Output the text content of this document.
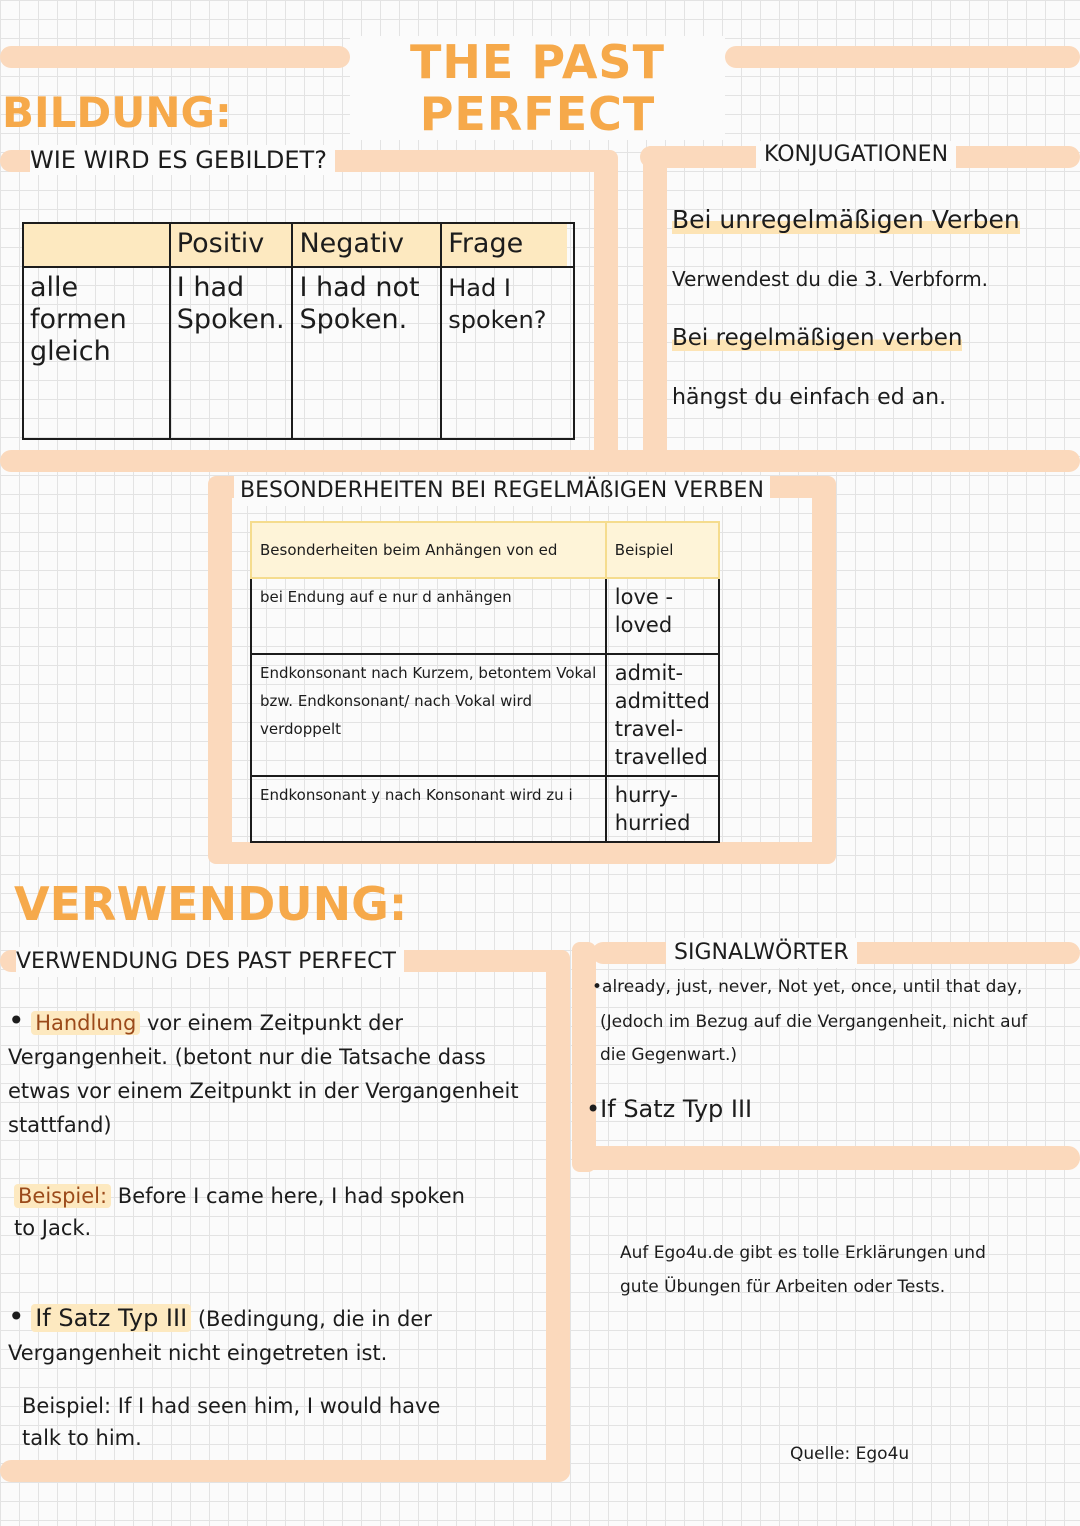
THE PAST PERFECT
BILDUNG:
WIE WIRD ES GEBILDET?
	Positiv	Negativ	Frage
alle formen gleich	I had Spoken.	I had not Spoken.	Had I spoken?
KONJUGATIONEN
Bei unregelmäßigen Verben
Verwendest du die 3. Verbform.
Bei regelmäßigen verben
hängst du einfach ed an.
BESONDERHEITEN BEI REGELMÄßIGEN VERBEN
Besonderheiten beim Anhängen von ed	Beispiel
bei Endung auf e nur d anhängen	love - loved
Endkonsonant nach Kurzem, betontem Vokal bzw. Endkonsonant/ nach Vokal wird verdoppelt	admit- admitted travel- travelled
Endkonsonant y nach Konsonant wird zu i	hurry- hurried
VERWENDUNG:
VERWENDUNG DES PAST PERFECT
• Handlung vor einem Zeitpunkt der Vergangenheit. (betont nur die Tatsache dass etwas vor einem Zeitpunkt in der Vergangenheit stattfand)
Beispiel: Before I came here, I had spoken to Jack.
• If Satz Typ III (Bedingung, die in der Vergangenheit nicht eingetreten ist.
Beispiel: If I had seen him, I would have talk to him.
SIGNALWÖRTER
•already, just, never, Not yet, once, until that day,
(Jedoch im Bezug auf die Vergangenheit, nicht auf die Gegenwart.)
•If Satz Typ III
Auf Ego4u.de gibt es tolle Erklärungen und gute Übungen für Arbeiten oder Tests.
Quelle: Ego4u
